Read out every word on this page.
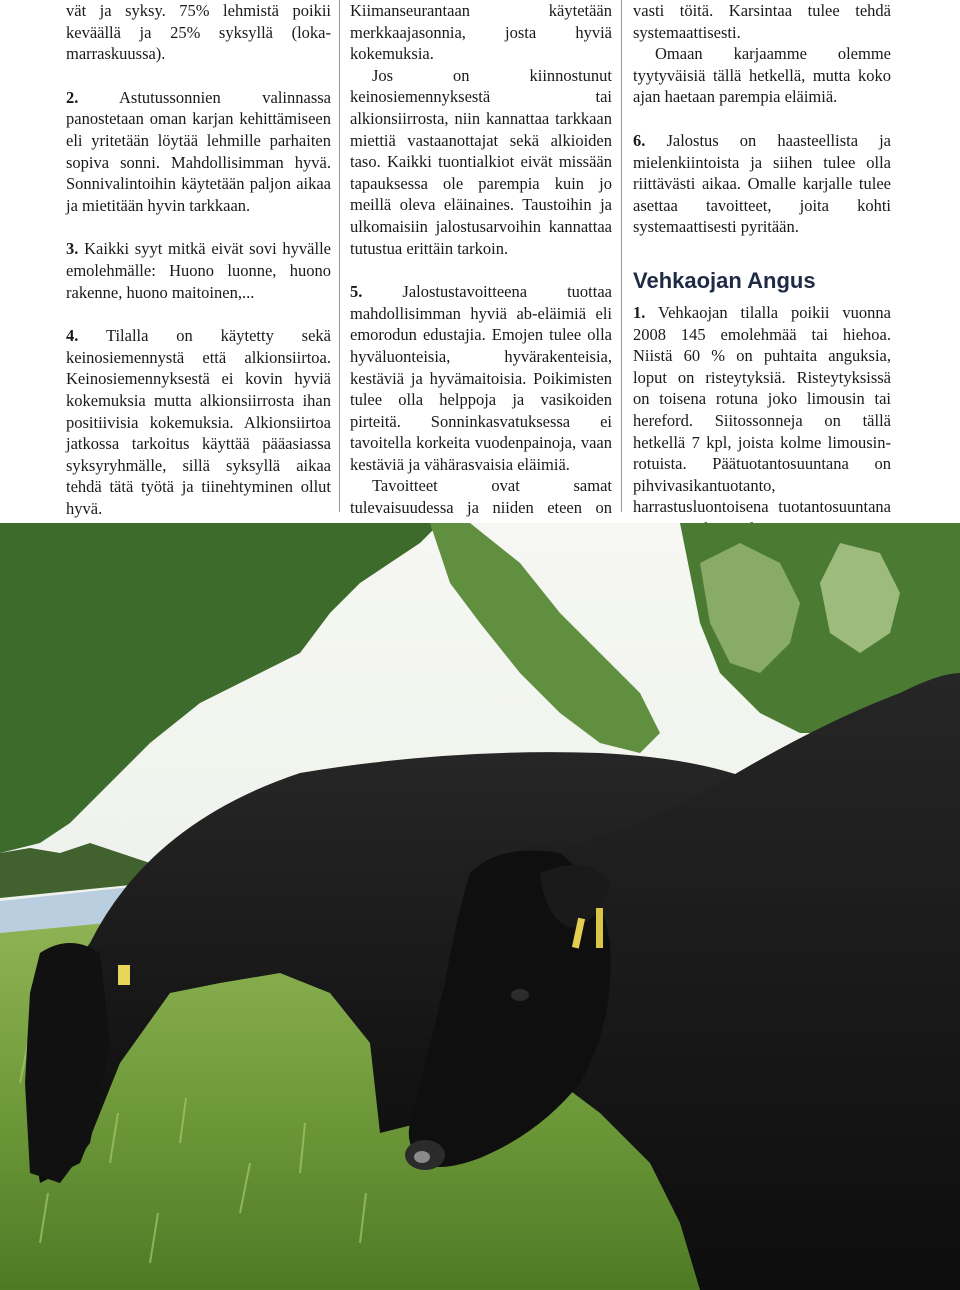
vät ja syksy. 75% lehmistä poikii keväällä ja 25% syksyllä (loka-marraskuussa).

2. Astutussonnien valinnassa panostetaan oman karjan kehittämiseen eli yritetään löytää lehmille parhaiten sopiva sonni. Mahdollisimman hyvä. Sonnivalintoihin käytetään paljon aikaa ja mietitään hyvin tarkkaan.

3. Kaikki syyt mitkä eivät sovi hyvälle emolehmälle: Huono luonne, huono rakenne, huono maitoinen,...

4. Tilalla on käytetty sekä keinosiemennystä että alkionsiirtoa. Keinosiemennyksestä ei kovin hyviä kokemuksia mutta alkionsiirrosta ihan positiivisia kokemuksia. Alkionsiirtoa jatkossa tarkoitus käyttää pääasiassa syksyryhmälle, sillä syksyllä aikaa tehdä tätä työtä ja tiinehtyminen ollut hyvä.

Kiimanseurantaan käytetään merkkaajasonnia, josta hyviä kokemuksia.

Jos on kiinnostunut keinosiemennyksestä tai alkionsiirrosta, niin kannattaa tarkkaan miettiä vastaanottajat sekä alkioiden taso. Kaikki tuontialkiot eivät missään tapauksessa ole parempia kuin jo meillä oleva eläinaines. Taustoihin ja ulkomaisiin jalostusarvoihin kannattaa tutustua erittäin tarkoin.

5. Jalostustavoitteena tuottaa mahdollisimman hyviä ab-eläimiä eli emorodun edustajia. Emojen tulee olla hyväluonteisia, hyvärakenteisia, kestäviä ja hyvämaitoisia. Poikimisten tulee olla helppoja ja vasikoiden pirteitä. Sonninkasvatuksessa ei tavoitella korkeita vuodenpainoja, vaan kestäviä ja vähärasvaisia eläimiä.

Tavoitteet ovat samat tulevaisuudessa ja niiden eteen on

vasti töitä. Karsintaa tulee tehdä systemaattisesti.

Omaan karjaamme olemme tyytyväisiä tällä hetkellä, mutta koko ajan haetaan parempia eläimiä.

6. Jalostus on haasteellista ja mielenkiintoista ja siihen tulee olla riittävästi aikaa. Omalle karjalle tulee asettaa tavoitteet, joita kohti systemaattisesti pyritään.

Vehkaojan Angus

1. Vehkaojan tilalla poikii vuonna 2008 145 emolehmää tai hiehoa. Niistä 60 % on puhtaita anguksia, loput on risteytyksiä. Risteytyksissä on toisena rotuna joko limousin tai hereford. Siitossonneja on tällä hetkellä 7 kpl, joista kolme limousin-rotuista. Päätuotantosuuntana on pihvivasikantuotanto, harrastusluontoisena tuotantosuuntana
